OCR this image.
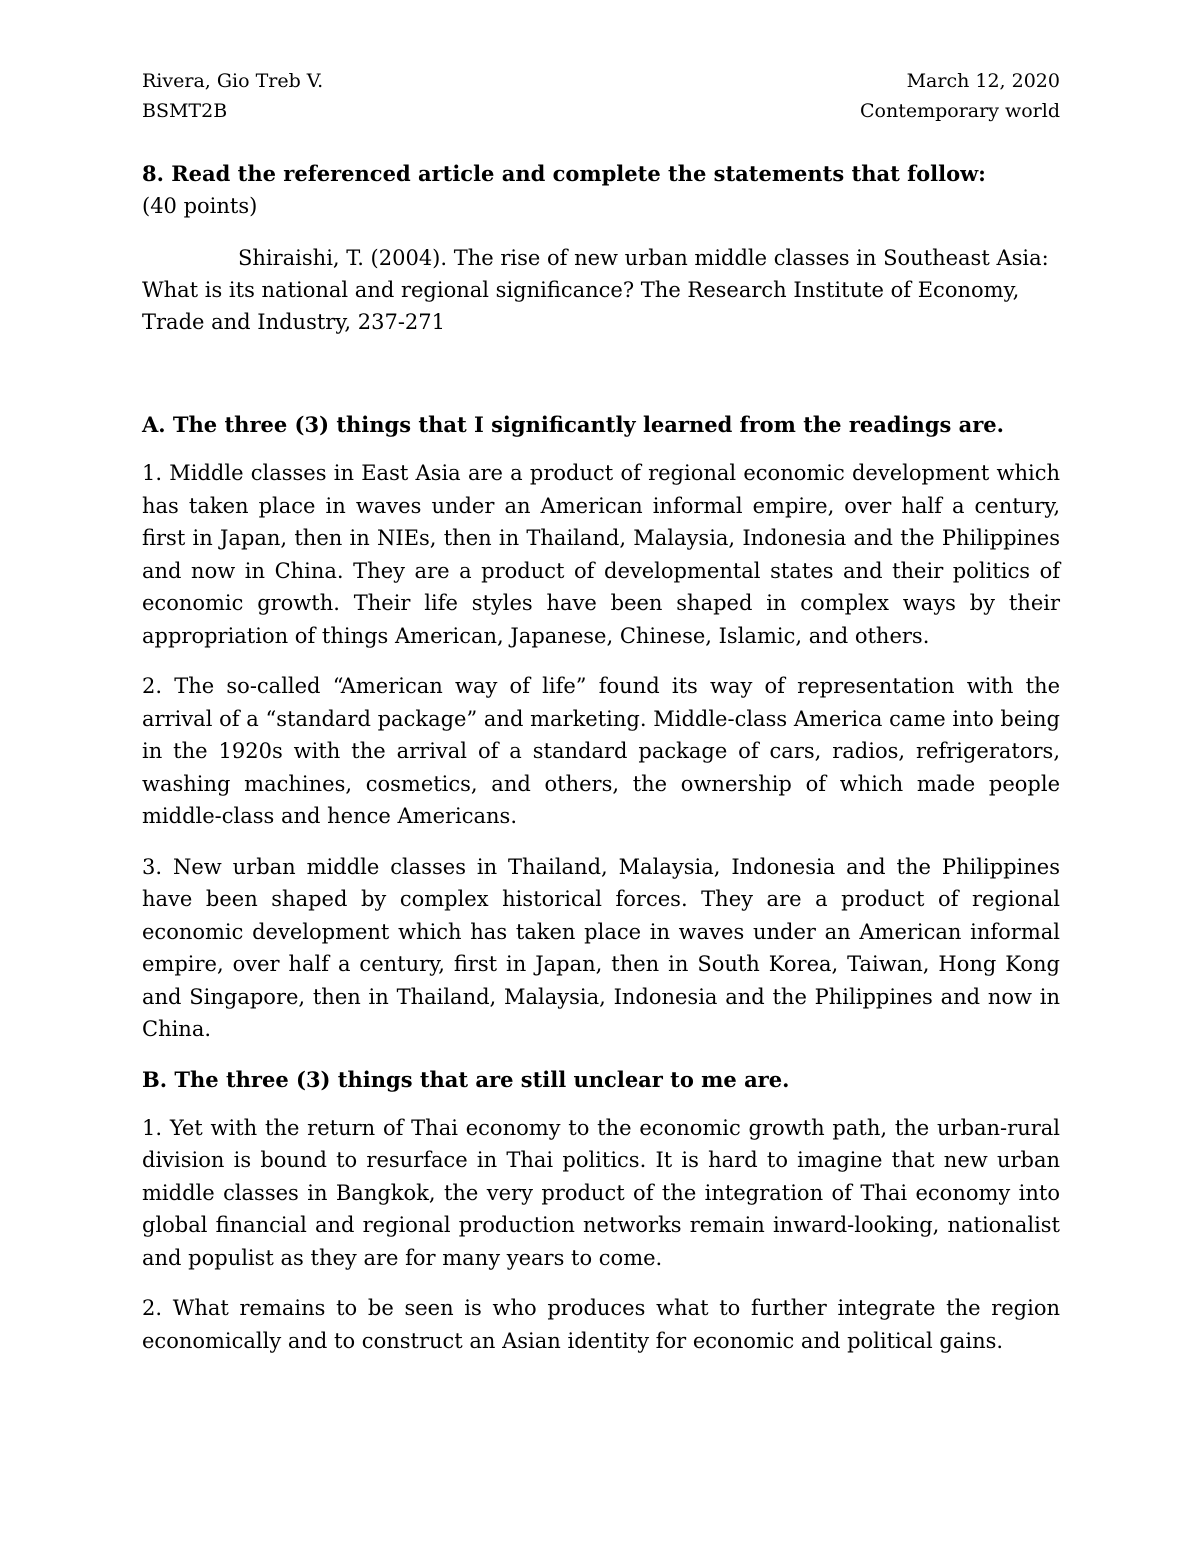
Rivera, Gio Treb V.	March 12, 2020
BSMT2B	Contemporary world

8. Read the referenced article and complete the statements that follow:

(40 points)

Shiraishi, T. (2004). The rise of new urban middle classes in Southeast Asia: What is its national and regional significance? The Research Institute of Economy, Trade and Industry, 237-271

A. The three (3) things that I significantly learned from the readings are.

1. Middle classes in East Asia are a product of regional economic development which has taken place in waves under an American informal empire, over half a century, first in Japan, then in NIEs, then in Thailand, Malaysia, Indonesia and the Philippines and now in China. They are a product of developmental states and their politics of economic growth. Their life styles have been shaped in complex ways by their appropriation of things American, Japanese, Chinese, Islamic, and others.

2. The so-called “American way of life” found its way of representation with the arrival of a “standard package” and marketing. Middle-class America came into being in the 1920s with the arrival of a standard package of cars, radios, refrigerators, washing machines, cosmetics, and others, the ownership of which made people middle-class and hence Americans.

3. New urban middle classes in Thailand, Malaysia, Indonesia and the Philippines have been shaped by complex historical forces. They are a product of regional economic development which has taken place in waves under an American informal empire, over half a century, first in Japan, then in South Korea, Taiwan, Hong Kong and Singapore, then in Thailand, Malaysia, Indonesia and the Philippines and now in China.

B. The three (3) things that are still unclear to me are.

1. Yet with the return of Thai economy to the economic growth path, the urban-rural division is bound to resurface in Thai politics. It is hard to imagine that new urban middle classes in Bangkok, the very product of the integration of Thai economy into global financial and regional production networks remain inward-looking, nationalist and populist as they are for many years to come.

2. What remains to be seen is who produces what to further integrate the region economically and to construct an Asian identity for economic and political gains.
